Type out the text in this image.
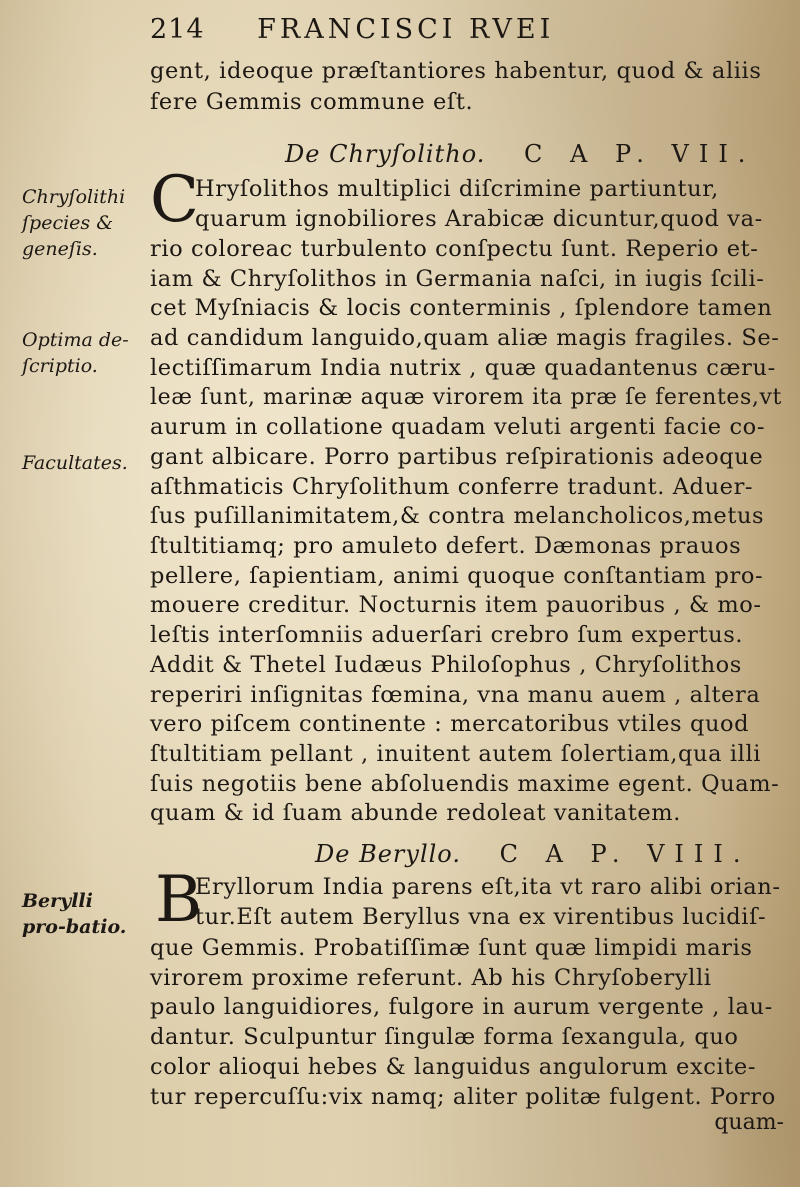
214 FRANCISCI RVEI
gent, ideoque præſtantiores habentur, quod & aliis
fere Gemmis commune eſt.
De Chryſolitho. C A P. VII.
C
Hryſolithos multiplici diſcrimine partiuntur,
quarum ignobiliores Arabicæ dicuntur,quod va-
rio coloreac turbulento conſpectu ſunt. Reperio et-
iam & Chryſolithos in Germania naſci, in iugis ſcili-
cet Myſniacis & locis conterminis , ſplendore tamen
ad candidum languido,quam aliæ magis fragiles. Se-
lectiſſimarum India nutrix , quæ quadantenus cæru-
leæ ſunt, marinæ aquæ virorem ita præ ſe ferentes,vt
aurum in collatione quadam veluti argenti facie co-
gant albicare. Porro partibus reſpirationis adeoque
aſthmaticis Chryſolithum conferre tradunt. Aduer-
ſus puſillanimitatem,& contra melancholicos,metus
ſtultitiamq; pro amuleto defert. Dæmonas prauos
pellere, ſapientiam, animi quoque conſtantiam pro-
mouere creditur. Nocturnis item pauoribus , & mo-
leſtis interſomniis aduerſari crebro ſum expertus.
Addit & Thetel Iudæus Philoſophus , Chryſolithos
reperiri inſignitas fœmina, vna manu auem , altera
vero piſcem continente : mercatoribus vtiles quod
ſtultitiam pellant , inuitent autem ſolertiam,qua illi
ſuis negotiis bene abſoluendis maxime egent. Quam-
quam & id ſuam abunde redoleat vanitatem.
Chryſolithi ſpecies & geneſis.
Optima de-ſcriptio.
Facultates.
De Beryllo. C A P. VIII.
B
Eryllorum India parens eſt,ita vt raro alibi orian-
tur.Eſt autem Beryllus vna ex virentibus lucidiſ-
que Gemmis. Probatiſſimæ ſunt quæ limpidi maris
virorem proxime referunt. Ab his Chryſoberylli
paulo languidiores, fulgore in aurum vergente , lau-
dantur. Sculpuntur ſingulæ forma ſexangula, quo
color alioqui hebes & languidus angulorum excite-
tur repercuſſu:vix namq; aliter politæ fulgent. Porro
Berylli pro-batio.
quam-
